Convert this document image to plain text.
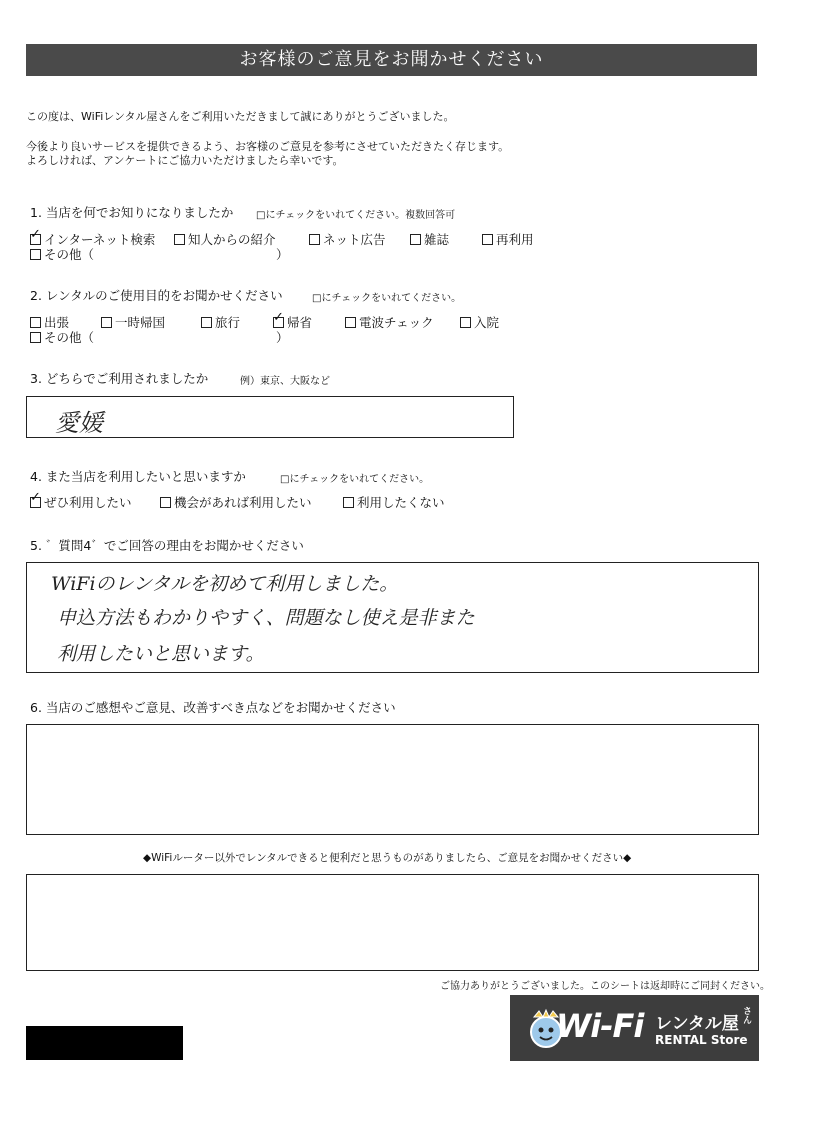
お客様のご意見をお聞かせください
この度は、WiFiレンタル屋さんをご利用いただきまして誠にありがとうございました。
今後より良いサービスを提供できるよう、お客様のご意見を参考にさせていただきたく存じます。
よろしければ、アンケートにご協力いただけましたら幸いです。
1. 当店を何でお知りになりましたか □にチェックをいれてください。複数回答可
✓インターネット検索	知人からの紹介	ネット広告	雑誌	再利用
その他（	）
2. レンタルのご使用目的をお聞かせください	□にチェックをいれてください。
出張	一時帰国	旅行
✓	帰省	電波チェック	入院
その他（	）
3. どちらでご利用されましたか	例）東京、大阪など
愛媛
4. また当店を利用したいと思いますか	□にチェックをいれてください。
✓ぜひ利用したい	機会があれば利用したい	利用したくない
5. ゛質問4゛でご回答の理由をお聞かせください
WiFiのレンタルを初めて利用しました。
申込方法もわかりやすく、問題なし使え是非また
利用したいと思います。
6. 当店のご感想やご意見、改善すべき点などをお聞かせください
◆WiFiルーター以外でレンタルできると便利だと思うものがありましたら、ご意見をお聞かせください◆
ご協力ありがとうございました。このシートは返却時にご同封ください。
Wi-Fi レンタル屋 さん
RENTAL Store
